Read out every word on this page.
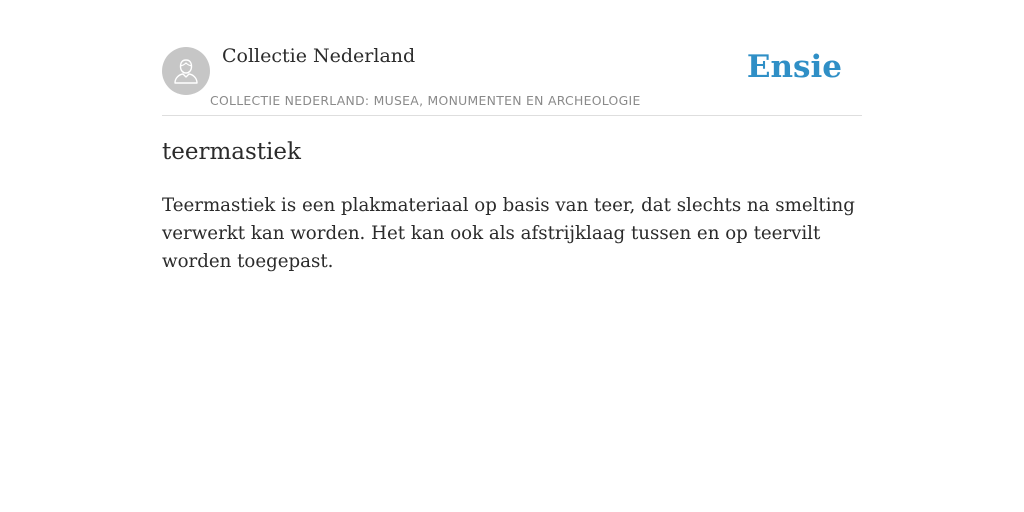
Collectie Nederland
COLLECTIE NEDERLAND: MUSEA, MONUMENTEN EN ARCHEOLOGIE
Ensie
teermastiek

Teermastiek is een plakmateriaal op basis van teer, dat slechts na smelting verwerkt kan worden. Het kan ook als afstrijklaag tussen en op teervilt worden toegepast.
